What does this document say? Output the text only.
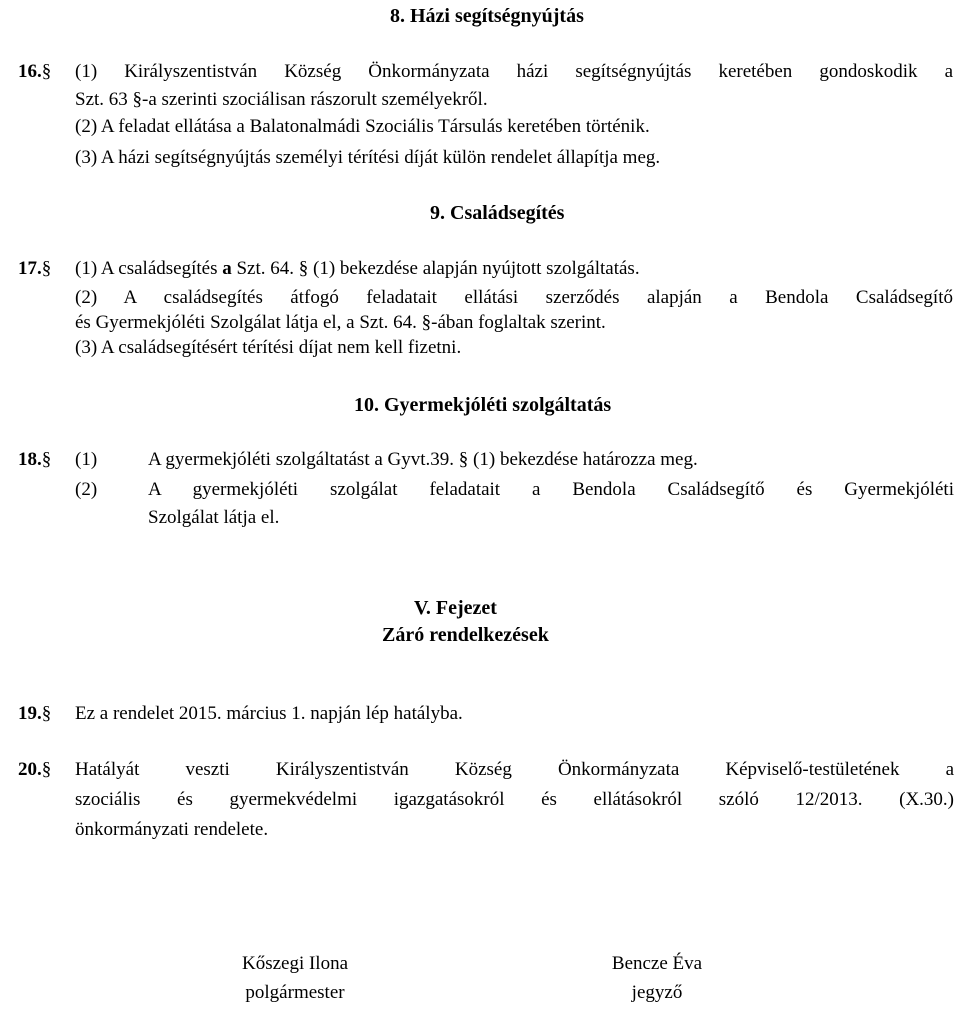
8. Házi segítségnyújtás
16.§ (1) Királyszentistván Község Önkormányzata házi segítségnyújtás keretében gondoskodik a
Szt. 63 §-a szerinti szociálisan rászorult személyekről.
(2) A feladat ellátása a Balatonalmádi Szociális Társulás keretében történik.
(3) A házi segítségnyújtás személyi térítési díját külön rendelet állapítja meg.
9. Családsegítés
17.§ (1) A családsegítés a Szt. 64. § (1) bekezdése alapján nyújtott szolgáltatás.
(2) A családsegítés átfogó feladatait ellátási szerződés alapján a Bendola Családsegítő
és Gyermekjóléti Szolgálat látja el, a Szt. 64. §-ában foglaltak szerint.
(3) A családsegítésért térítési díjat nem kell fizetni.
10. Gyermekjóléti szolgáltatás
18.§ (1)	A gyermekjóléti szolgáltatást a Gyvt.39. § (1) bekezdése határozza meg.
(2)	A gyermekjóléti szolgálat feladatait a Bendola Családsegítő és Gyermekjóléti
Szolgálat látja el.
V. Fejezet
Záró rendelkezések
19.§ Ez a rendelet 2015. március 1. napján lép hatályba.
20.§ Hatályát veszti Királyszentistván Község Önkormányzata Képviselő-testületének a
szociális és gyermekvédelmi igazgatásokról és ellátásokról szóló 12/2013. (X.30.)
önkormányzati rendelete.
Kőszegi Ilona
polgármester
Bencze Éva
jegyző
